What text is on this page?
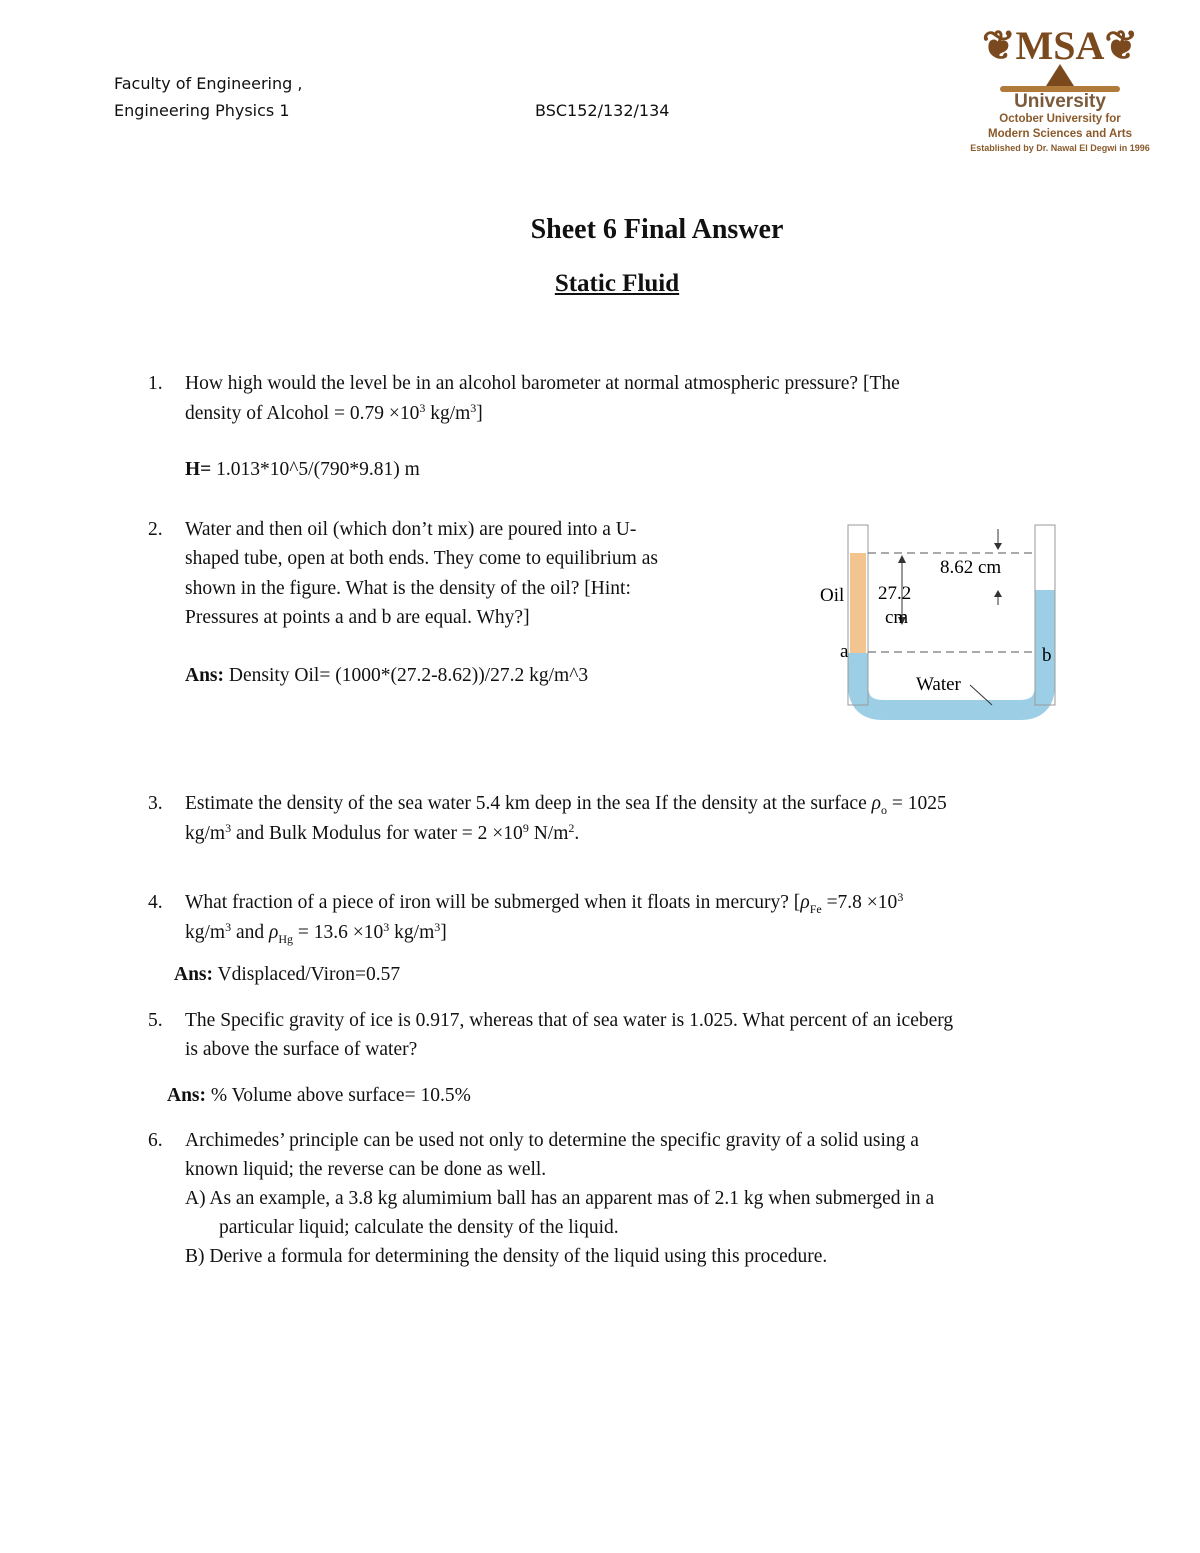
Faculty of Engineering ,
Engineering Physics 1	BSC152/132/134
❦MSA❦
University
October University for
Modern Sciences and Arts
Established by Dr. Nawal El Degwi in 1996
Sheet 6 Final Answer
Static Fluid
1. How high would the level be in an alcohol barometer at normal atmospheric pressure? [The
density of Alcohol = $0.79 \times 10^3$ $kg/m^3$]
H= 1.013*10^5/(790*9.81) m
2. Water and then oil (which don’t mix) are poured into a U-
shaped tube, open at both ends. They come to equilibrium as
shown in the figure. What is the density of the oil? [Hint:
Pressures at points a and b are equal. Why?]
Ans: Density Oil= (1000*(27.2-8.62))/27.2 kg/m^3
Oil 27.2
cm
8.62 cm
a	b
Water
3. Estimate the density of the sea water 5.4 km deep in the sea If the density at the surface $\rho_o = 1025$
$kg/m^3$ and Bulk Modulus for water = $2 \times 10^9$ $N/m^2$.
4. What fraction of a piece of iron will be submerged when it floats in mercury? [$\rho_{Fe} =7.8 \times 10^3$
$kg/m^3$ and $\rho_{Hg} = 13.6 \times 10^3$ $kg/m^3$]
Ans: Vdisplaced/Viron=0.57
5. The Specific gravity of ice is 0.917, whereas that of sea water is 1.025. What percent of an iceberg
is above the surface of water?
Ans: % Volume above surface= 10.5%
6. Archimedes’ principle can be used not only to determine the specific gravity of a solid using a
known liquid; the reverse can be done as well.
A) As an example, a 3.8 kg alumimium ball has an apparent mas of 2.1 kg when submerged in a
particular liquid; calculate the density of the liquid.
B) Derive a formula for determining the density of the liquid using this procedure.
